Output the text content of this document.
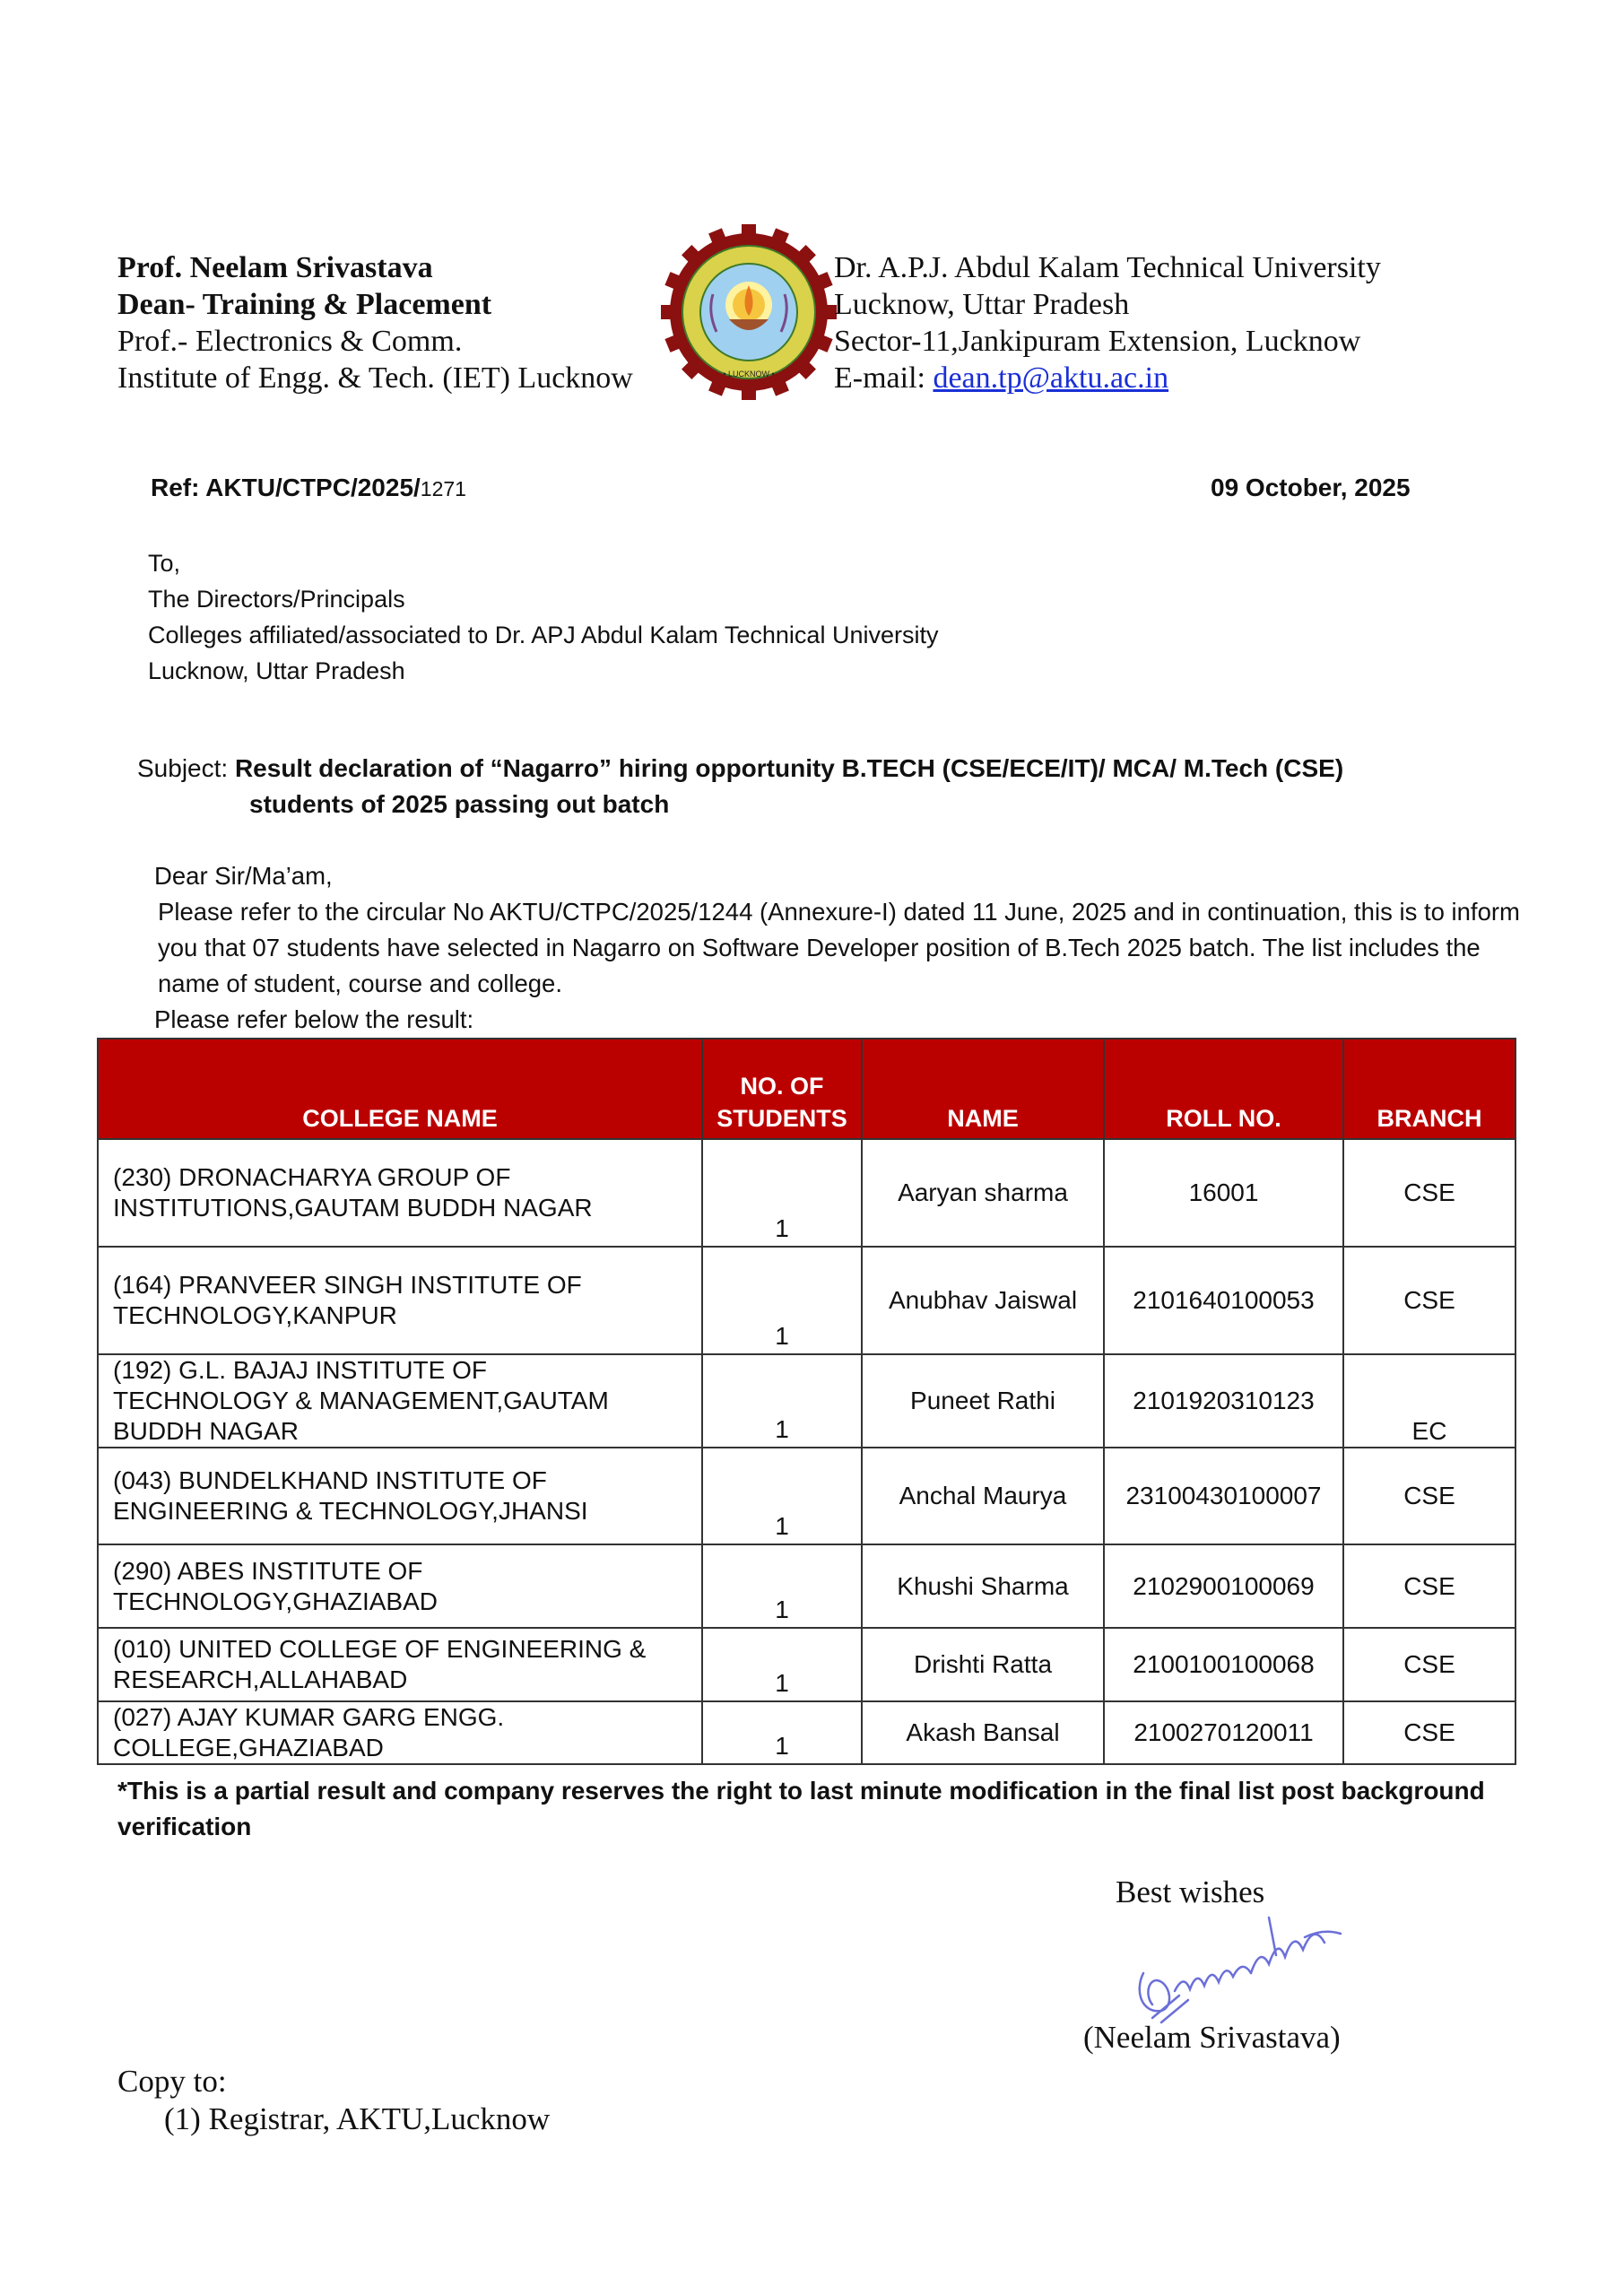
Prof. Neelam Srivastava
Dean- Training & Placement
Prof.- Electronics & Comm.
Institute of Engg. & Tech. (IET) Lucknow	• LUCKNOW •
Dr. A.P.J. Abdul Kalam Technical University
Lucknow, Uttar Pradesh
Sector-11,Jankipuram Extension, Lucknow
E-mail: dean.tp@aktu.ac.in
Ref: AKTU/CTPC/2025/1271	09 October, 2025
To,
The Directors/Principals
Colleges affiliated/associated to Dr. APJ Abdul Kalam Technical University
Lucknow, Uttar Pradesh
Subject: Result declaration of “Nagarro” hiring opportunity B.TECH (CSE/ECE/IT)/ MCA/ M.Tech (CSE)
students of 2025 passing out batch

Dear Sir/Ma’am,

Please refer to the circular No AKTU/CTPC/2025/1244 (Annexure-I) dated 11 June, 2025 and in continuation, this is to inform you that 07 students have selected in Nagarro on Software Developer position of B.Tech 2025 batch. The list includes the name of student, course and college.

Please refer below the result:

COLLEGE NAME	NO. OF
STUDENTS	NAME	ROLL NO.	BRANCH

(230) DRONACHARYA GROUP OF
INSTITUTIONS,GAUTAM BUDDH NAGAR	1	Aaryan sharma	16001	CSE

(164) PRANVEER SINGH INSTITUTE OF
TECHNOLOGY,KANPUR	1	Anubhav Jaiswal	2101640100053	CSE

(192) G.L. BAJAJ INSTITUTE OF
TECHNOLOGY & MANAGEMENT,GAUTAM
BUDDH NAGAR	1	Puneet Rathi	2101920310123	EC

(043) BUNDELKHAND INSTITUTE OF
ENGINEERING & TECHNOLOGY,JHANSI	1	Anchal Maurya	23100430100007	CSE

(290) ABES INSTITUTE OF
TECHNOLOGY,GHAZIABAD	1	Khushi Sharma	2102900100069	CSE

(010) UNITED COLLEGE OF ENGINEERING &
RESEARCH,ALLAHABAD	1	Drishti Ratta	2100100100068	CSE

(027) AJAY KUMAR GARG ENGG.
COLLEGE,GHAZIABAD	1	Akash Bansal	2100270120011	CSE
*This is a partial result and company reserves the right to last minute modification in the final list post background verification
Best wishes
(Neelam Srivastava)
Copy to:
(1) Registrar, AKTU,Lucknow
